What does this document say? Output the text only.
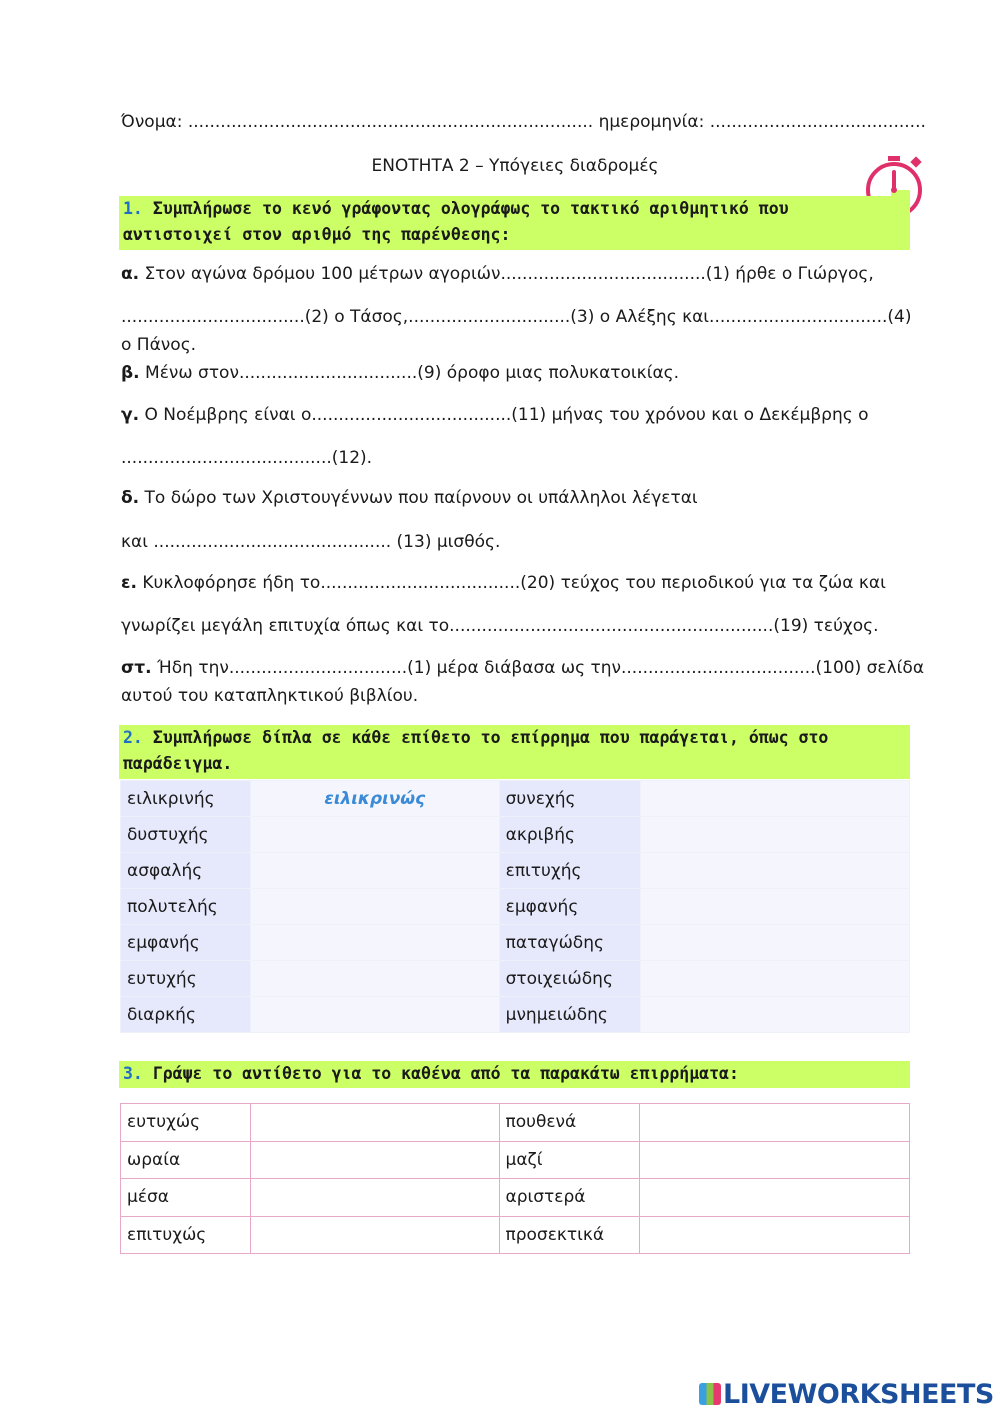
Όνομα: ........................................................................... ημερομηνία: ........................................
ΕΝΟΤΗΤΑ 2 – Υπόγειες διαδρομές
1. Συμπλήρωσε το κενό γράφοντας ολογράφως το τακτικό αριθμητικό που
αντιστοιχεί στον αριθμό της παρένθεσης:
α. Στον αγώνα δρόμου 100 μέτρων αγοριών......................................(1) ήρθε ο Γιώργος,
..................................(2) ο Τάσος,..............................(3) ο Αλέξης και.................................(4)
ο Πάνος.
β. Μένω στον.................................(9) όροφο μιας πολυκατοικίας.
γ. Ο Νοέμβρης είναι ο.....................................(11) μήνας του χρόνου και ο Δεκέμβρης ο
.......................................(12).
δ. Το δώρο των Χριστουγέννων που παίρνουν οι υπάλληλοι λέγεται
και ............................................ (13) μισθός.
ε. Κυκλοφόρησε ήδη το.....................................(20) τεύχος του περιοδικού για τα ζώα και
γνωρίζει μεγάλη επιτυχία όπως και το............................................................(19) τεύχος.
στ. Ήδη την.................................(1) μέρα διάβασα ως την....................................(100) σελίδα
αυτού του καταπληκτικού βιβλίου.
2. Συμπλήρωσε δίπλα σε κάθε επίθετο το επίρρημα που παράγεται, όπως στο
παράδειγμα.
ειλικρινής	ειλικρινώς	συνεχής	
δυστυχής		ακριβής	
ασφαλής		επιτυχής	
πολυτελής		εμφανής	
εμφανής		παταγώδης	
ευτυχής		στοιχειώδης	
διαρκής		μνημειώδης	
3. Γράψε το αντίθετο για το καθένα από τα παρακάτω επιρρήματα:
ευτυχώς		πουθενά	
ωραία		μαζί	
μέσα		αριστερά	
επιτυχώς		προσεκτικά	
LIVEWORKSHEETS
